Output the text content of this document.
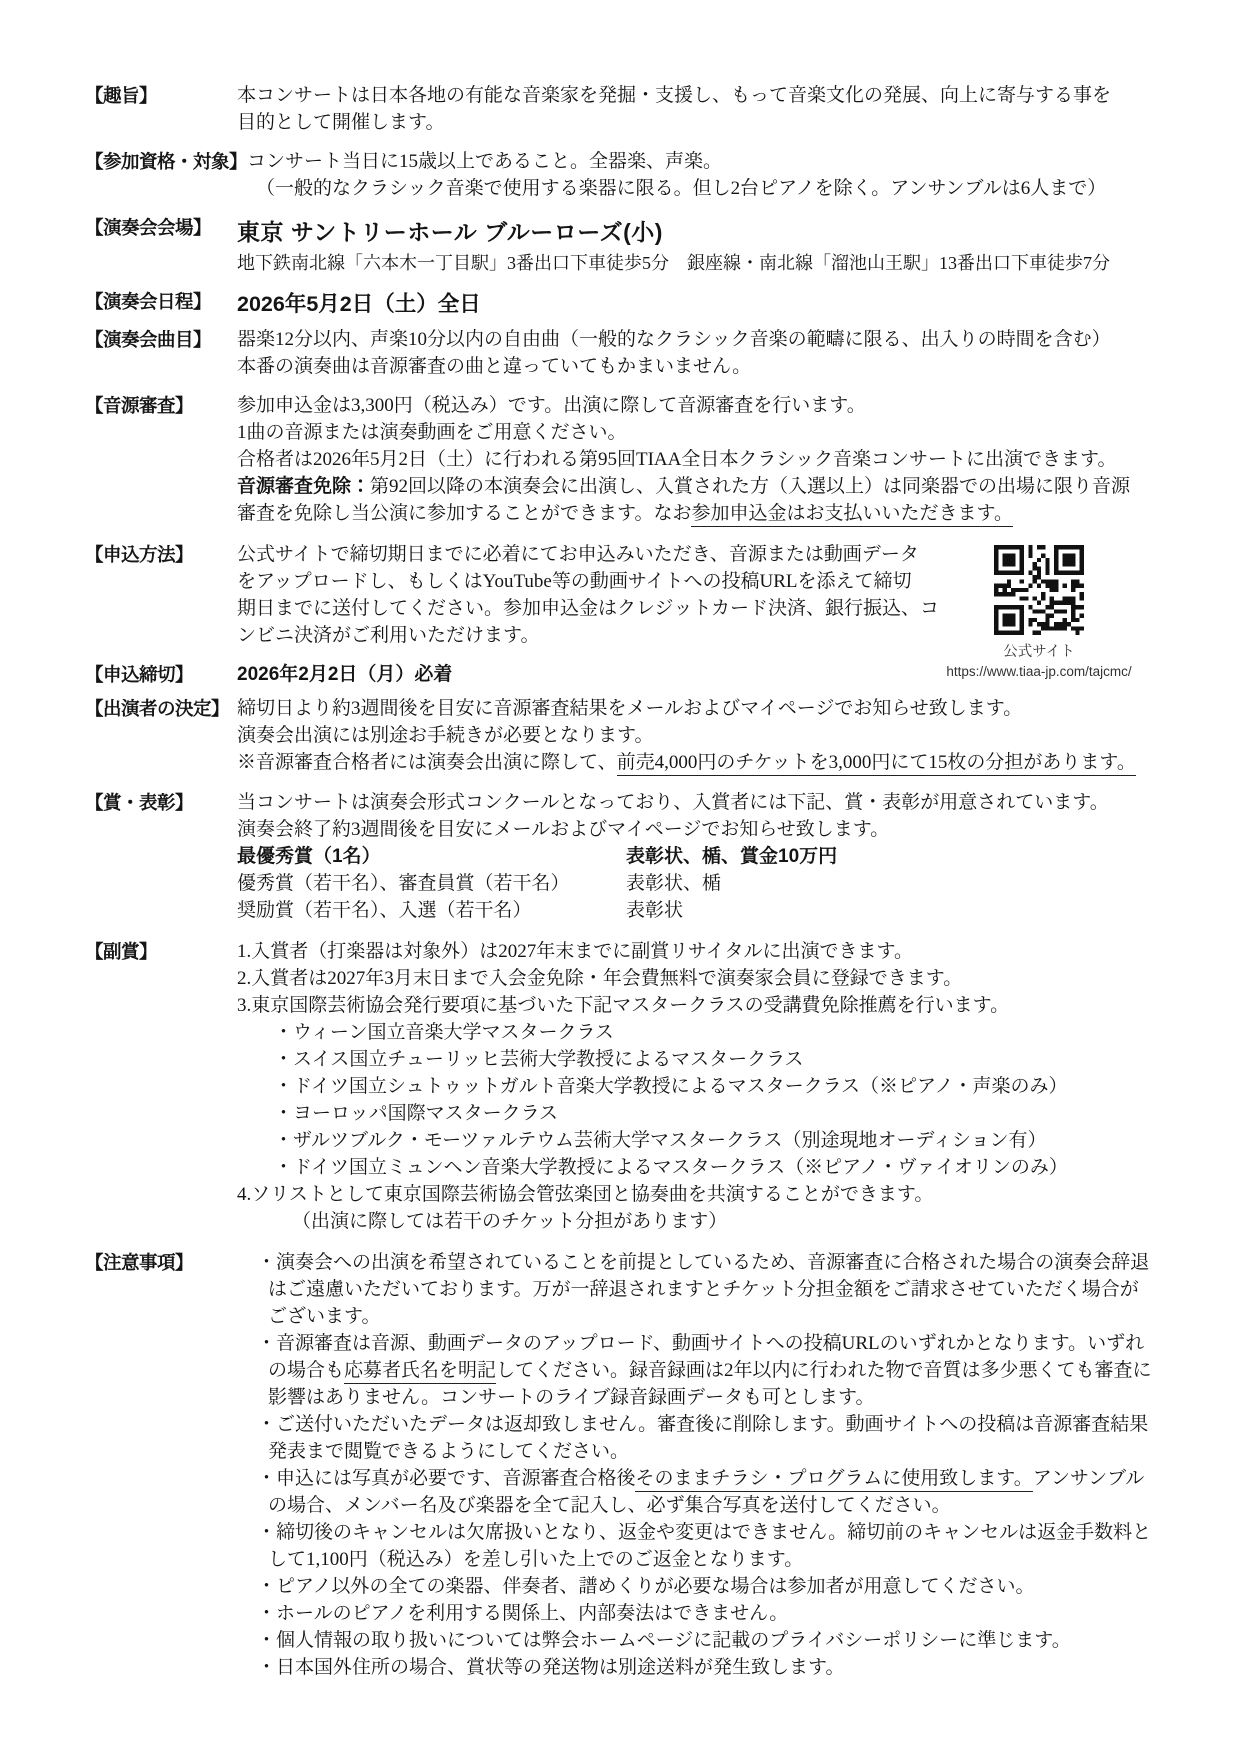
【趣旨】	本コンサートは日本各地の有能な音楽家を発掘・支援し、もって音楽文化の発展、向上に寄与する事を
目的として開催します。
【参加資格・対象】 コンサート当日に15歳以上であること。全器楽、声楽。
（一般的なクラシック音楽で使用する楽器に限る。但し2台ピアノを除く。アンサンブルは6人まで）
【演奏会会場】	東京 サントリーホール ブルーローズ(小)
地下鉄南北線「六本木一丁目駅」3番出口下車徒歩5分　銀座線・南北線「溜池山王駅」13番出口下車徒歩7分
【演奏会日程】	2026年5月2日（土）全日
【演奏会曲目】	器楽12分以内、声楽10分以内の自由曲（一般的なクラシック音楽の範疇に限る、出入りの時間を含む）
本番の演奏曲は音源審査の曲と違っていてもかまいません。
【音源審査】	参加申込金は3,300円（税込み）です。出演に際して音源審査を行います。
1曲の音源または演奏動画をご用意ください。
合格者は2026年5月2日（土）に行われる第95回TIAA全日本クラシック音楽コンサートに出演できます。
音源審査免除：第92回以降の本演奏会に出演し、入賞された方（入選以上）は同楽器での出場に限り音源
審査を免除し当公演に参加することができます。なお参加申込金はお支払いいただきます。
【申込方法】	公式サイトで締切期日までに必着にてお申込みいただき、音源または動画データ
をアップロードし、もしくはYouTube等の動画サイトへの投稿URLを添えて締切
期日までに送付してください。参加申込金はクレジットカード決済、銀行振込、コ
ンビニ決済がご利用いただけます。
【申込締切】	2026年2月2日（月）必着
【出演者の決定】 締切日より約3週間後を目安に音源審査結果をメールおよびマイページでお知らせ致します。
演奏会出演には別途お手続きが必要となります。
※音源審査合格者には演奏会出演に際して、前売4,000円のチケットを3,000円にて15枚の分担があります。
【賞・表彰】	当コンサートは演奏会形式コンクールとなっており、入賞者には下記、賞・表彰が用意されています。
演奏会終了約3週間後を目安にメールおよびマイページでお知らせ致します。
最優秀賞（1名）	表彰状、楯、賞金10万円
優秀賞（若干名）、審査員賞（若干名）	表彰状、楯
奨励賞（若干名）、入選（若干名）	表彰状
【副賞】	1.入賞者（打楽器は対象外）は2027年末までに副賞リサイタルに出演できます。
2.入賞者は2027年3月末日まで入会金免除・年会費無料で演奏家会員に登録できます。
3.東京国際芸術協会発行要項に基づいた下記マスタークラスの受講費免除推薦を行います。
・ウィーン国立音楽大学マスタークラス
・スイス国立チューリッヒ芸術大学教授によるマスタークラス
・ドイツ国立シュトゥットガルト音楽大学教授によるマスタークラス（※ピアノ・声楽のみ）
・ヨーロッパ国際マスタークラス
・ザルツブルク・モーツァルテウム芸術大学マスタークラス（別途現地オーディション有）
・ドイツ国立ミュンヘン音楽大学教授によるマスタークラス（※ピアノ・ヴァイオリンのみ）
4.ソリストとして東京国際芸術協会管弦楽団と協奏曲を共演することができます。
（出演に際しては若干のチケット分担があります）
【注意事項】	・演奏会への出演を希望されていることを前提としているため、音源審査に合格された場合の演奏会辞退
はご遠慮いただいております。万が一辞退されますとチケット分担金額をご請求させていただく場合が
ございます。
・音源審査は音源、動画データのアップロード、動画サイトへの投稿URLのいずれかとなります。いずれ
の場合も応募者氏名を明記してください。録音録画は2年以内に行われた物で音質は多少悪くても審査に
影響はありません。コンサートのライブ録音録画データも可とします。
・ご送付いただいたデータは返却致しません。審査後に削除します。動画サイトへの投稿は音源審査結果
発表まで閲覧できるようにしてください。
・申込には写真が必要です、音源審査合格後そのままチラシ・プログラムに使用致します。アンサンブル
の場合、メンバー名及び楽器を全て記入し、必ず集合写真を送付してください。
・締切後のキャンセルは欠席扱いとなり、返金や変更はできません。締切前のキャンセルは返金手数料と
して1,100円（税込み）を差し引いた上でのご返金となります。
・ピアノ以外の全ての楽器、伴奏者、譜めくりが必要な場合は参加者が用意してください。
・ホールのピアノを利用する関係上、内部奏法はできません。
・個人情報の取り扱いについては弊会ホームページに記載のプライバシーポリシーに準じます。
・日本国外住所の場合、賞状等の発送物は別途送料が発生致します。
公式サイト
https://www.tiaa-jp.com/tajcmc/
